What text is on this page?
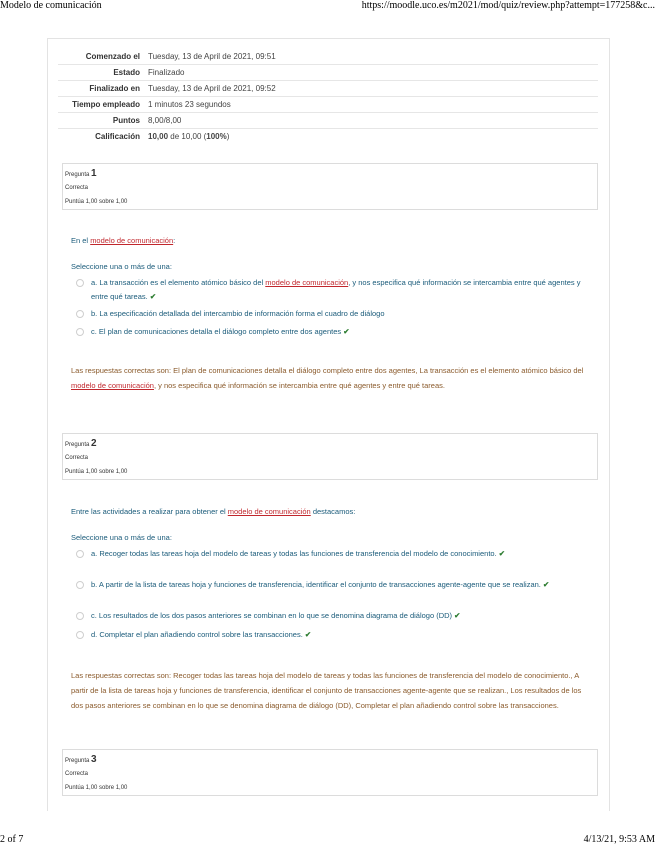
Modelo de comunicación	https://moodle.uco.es/m2021/mod/quiz/review.php?attempt=177258&c...
Comenzado el	Tuesday, 13 de April de 2021, 09:51
Estado	Finalizado
Finalizado en	Tuesday, 13 de April de 2021, 09:52
Tiempo empleado	1 minutos 23 segundos
Puntos	8,00/8,00
Calificación	10,00 de 10,00 (100%)
Pregunta 1
Correcta
Puntúa 1,00 sobre 1,00
En el modelo de comunicación:
Seleccione una o más de una:
a. La transacción es el elemento atómico básico del modelo de comunicación, y nos especifica qué información se intercambia entre qué agentes y entre qué tareas. ✔
b. La especificación detallada del intercambio de información forma el cuadro de diálogo
c. El plan de comunicaciones detalla el diálogo completo entre dos agentes ✔
Las respuestas correctas son: El plan de comunicaciones detalla el diálogo completo entre dos agentes, La transacción es el elemento atómico básico del modelo de comunicación, y nos especifica qué información se intercambia entre qué agentes y entre qué tareas.
Pregunta 2
Correcta
Puntúa 1,00 sobre 1,00
Entre las actividades a realizar para obtener el modelo de comunicación destacamos:
Seleccione una o más de una:
a. Recoger todas las tareas hoja del modelo de tareas y todas las funciones de transferencia del modelo de conocimiento. ✔
b. A partir de la lista de tareas hoja y funciones de transferencia, identificar el conjunto de transacciones agente-agente que se realizan. ✔
c. Los resultados de los dos pasos anteriores se combinan en lo que se denomina diagrama de diálogo (DD) ✔
d. Completar el plan añadiendo control sobre las transacciones. ✔
Las respuestas correctas son: Recoger todas las tareas hoja del modelo de tareas y todas las funciones de transferencia del modelo de conocimiento., A partir de la lista de tareas hoja y funciones de transferencia, identificar el conjunto de transacciones agente-agente que se realizan., Los resultados de los dos pasos anteriores se combinan en lo que se denomina diagrama de diálogo (DD), Completar el plan añadiendo control sobre las transacciones.
Pregunta 3
Correcta
Puntúa 1,00 sobre 1,00
2 of 7	4/13/21, 9:53 AM
